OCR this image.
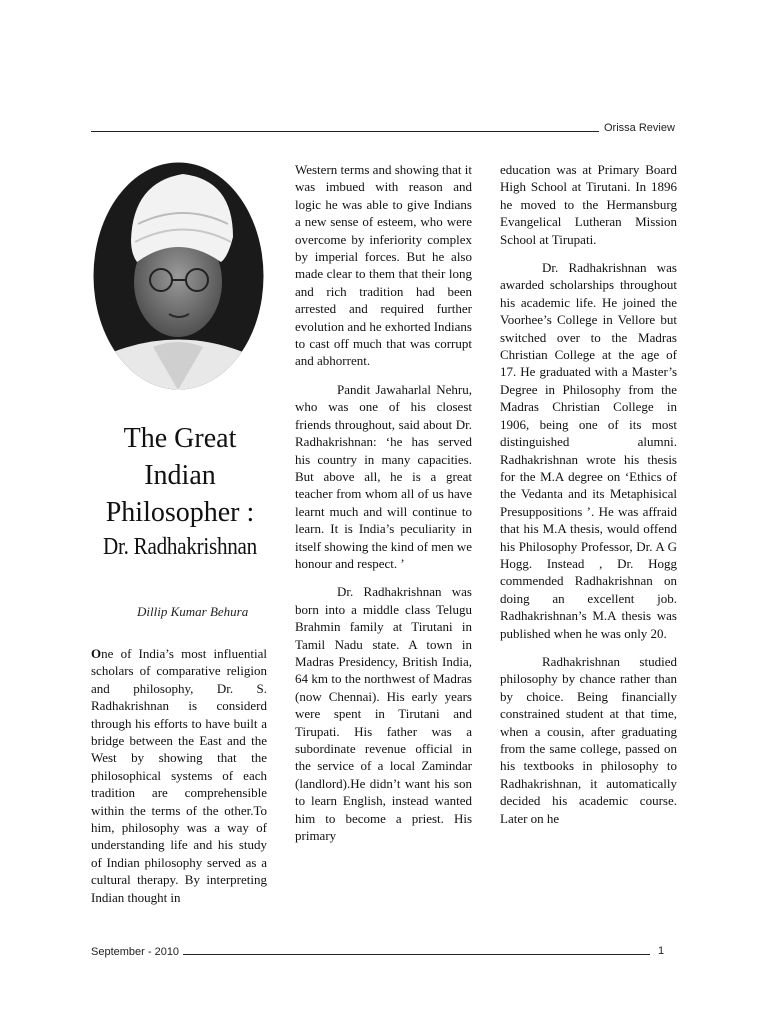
Orissa Review
The Great
Indian
Philosopher :
Dr. Radhakrishnan
Dillip Kumar Behura

One of India’s most influential scholars of comparative religion and philosophy, Dr. S. Radhakrishnan is considerd through his efforts to have built a bridge between the East and the West by showing that the philosophical systems of each tradition are comprehensible within the terms of the other.To him, philosophy was a way of understanding life and his study of Indian philosophy served as a cultural therapy. By interpreting Indian thought in

Western terms and showing that it was imbued with reason and logic he was able to give Indians a new sense of esteem, who were overcome by inferiority complex by imperial forces. But he also made clear to them that their long and rich tradition had been arrested and required further evolution and he exhorted Indians to cast off much that was corrupt and abhorrent.

Pandit Jawaharlal Nehru, who was one of his closest friends throughout, said about Dr. Radhakrishnan: ‘he has served his country in many capacities. But above all, he is a great teacher from whom all of us have learnt much and will continue to learn. It is India’s peculiarity in itself showing the kind of men we honour and respect. ’

Dr. Radhakrishnan was born into a middle class Telugu Brahmin family at Tirutani in Tamil Nadu state. A town in Madras Presidency, British India, 64 km to the northwest of Madras (now Chennai). His early years were spent in Tirutani and Tirupati. His father was a subordinate revenue official in the service of a local Zamindar (landlord).He didn’t want his son to learn English, instead wanted him to become a priest. His primary

education was at Primary Board High School at Tirutani. In 1896 he moved to the Hermansburg Evangelical Lutheran Mission School at Tirupati.

Dr. Radhakrishnan was awarded scholarships throughout his academic life. He joined the Voorhee’s College in Vellore but switched over to the Madras Christian College at the age of 17. He graduated with a Master’s Degree in Philosophy from the Madras Christian College in 1906, being one of its most distinguished alumni. Radhakrishnan wrote his thesis for the M.A degree on ‘Ethics of the Vedanta and its Metaphisical Presuppositions ’. He was affraid that his M.A thesis, would offend his Philosophy Professor, Dr. A G Hogg. Instead , Dr. Hogg commended Radhakrishnan on doing an excellent job. Radhakrishnan’s M.A thesis was published when he was only 20.

Radhakrishnan studied philosophy by chance rather than by choice. Being financially constrained student at that time, when a cousin, after graduating from the same college, passed on his textbooks in philosophy to Radhakrishnan, it automatically decided his academic course. Later on he

September - 2010	1
